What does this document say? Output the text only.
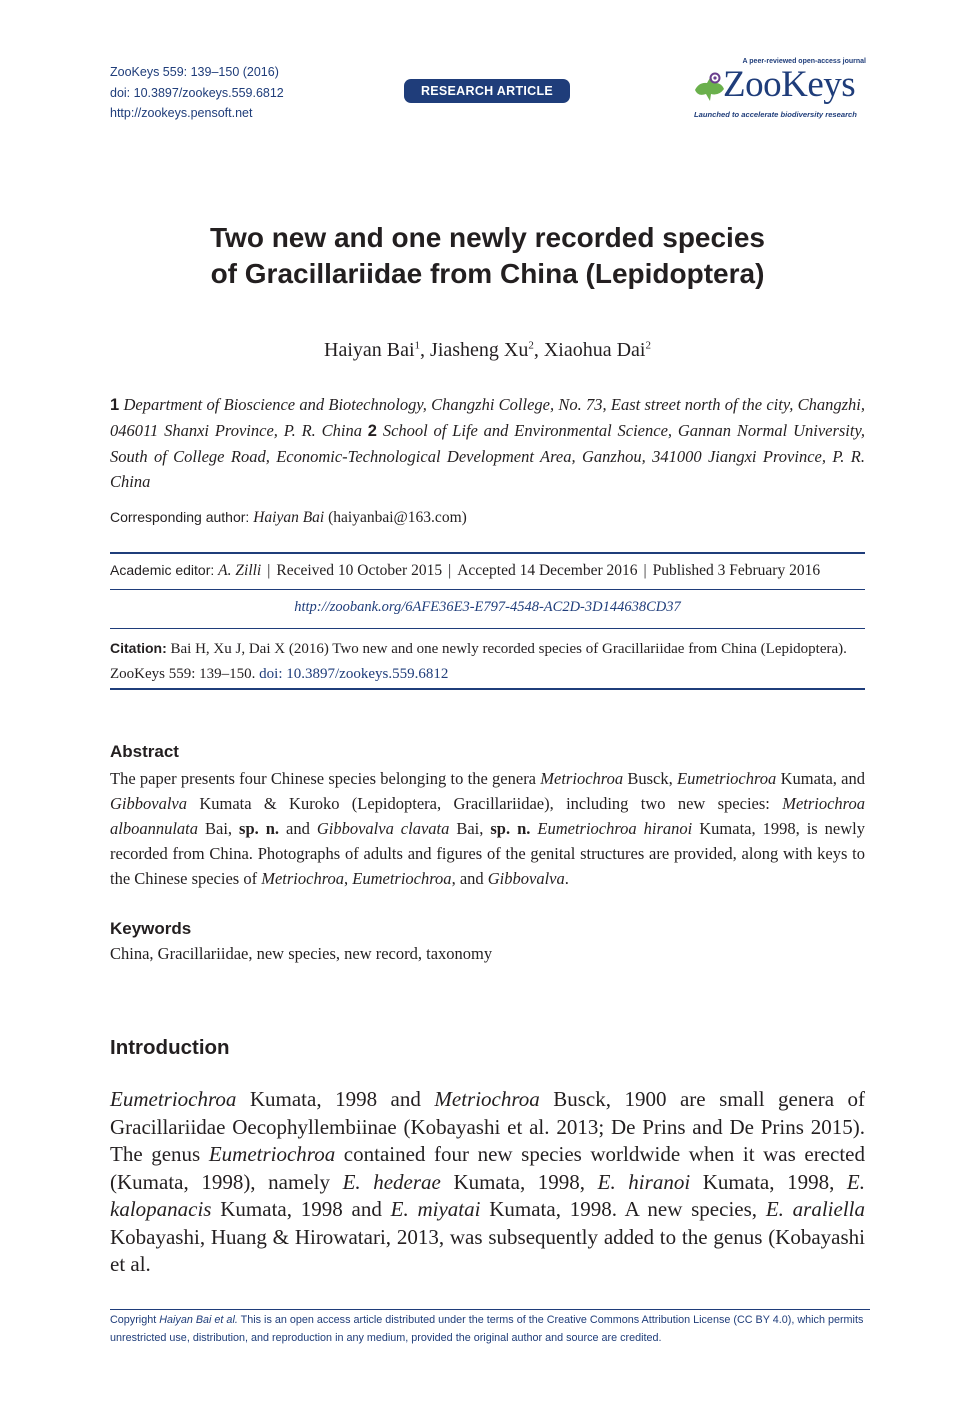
ZooKeys 559: 139–150 (2016)
doi: 10.3897/zookeys.559.6812
http://zookeys.pensoft.net
RESEARCH ARTICLE
A peer-reviewed open-access journal
ZooKeys
Launched to accelerate biodiversity research
Two new and one newly recorded species
of Gracillariidae from China (Lepidoptera)
Haiyan Bai$^1$, Jiasheng Xu$^2$, Xiaohua Dai$^2$
1 Department of Bioscience and Biotechnology, Changzhi College, No. 73, East street north of the city, Changzhi, 046011 Shanxi Province, P. R. China 2 School of Life and Environmental Science, Gannan Normal University, South of College Road, Economic-Technological Development Area, Ganzhou, 341000 Jiangxi Province, P. R. China
Corresponding author: Haiyan Bai (haiyanbai@163.com)
Academic editor: A. Zilli | Received 10 October 2015 | Accepted 14 December 2016 | Published 3 February 2016
http://zoobank.org/6AFE36E3-E797-4548-AC2D-3D144638CD37
Citation: Bai H, Xu J, Dai X (2016) Two new and one newly recorded species of Gracillariidae from China (Lepidoptera). ZooKeys 559: 139–150. doi: 10.3897/zookeys.559.6812
Abstract
The paper presents four Chinese species belonging to the genera Metriochroa Busck, Eumetriochroa Kumata, and Gibbovalva Kumata & Kuroko (Lepidoptera, Gracillariidae), including two new species: Metriochroa alboannulata Bai, sp. n. and Gibbovalva clavata Bai, sp. n. Eumetriochroa hiranoi Kumata, 1998, is newly recorded from China. Photographs of adults and figures of the genital structures are provided, along with keys to the Chinese species of Metriochroa, Eumetriochroa, and Gibbovalva.
Keywords
China, Gracillariidae, new species, new record, taxonomy
Introduction
Eumetriochroa Kumata, 1998 and Metriochroa Busck, 1900 are small genera of Gracillariidae Oecophyllembiinae (Kobayashi et al. 2013; De Prins and De Prins 2015). The genus Eumetriochroa contained four new species worldwide when it was erected (Kumata, 1998), namely E. hederae Kumata, 1998, E. hiranoi Kumata, 1998, E. kalopanacis Kumata, 1998 and E. miyatai Kumata, 1998. A new species, E. araliella Kobayashi, Huang & Hirowatari, 2013, was subsequently added to the genus (Kobayashi et al.
Copyright Haiyan Bai et al. This is an open access article distributed under the terms of the Creative Commons Attribution License (CC BY 4.0), which permits unrestricted use, distribution, and reproduction in any medium, provided the original author and source are credited.
